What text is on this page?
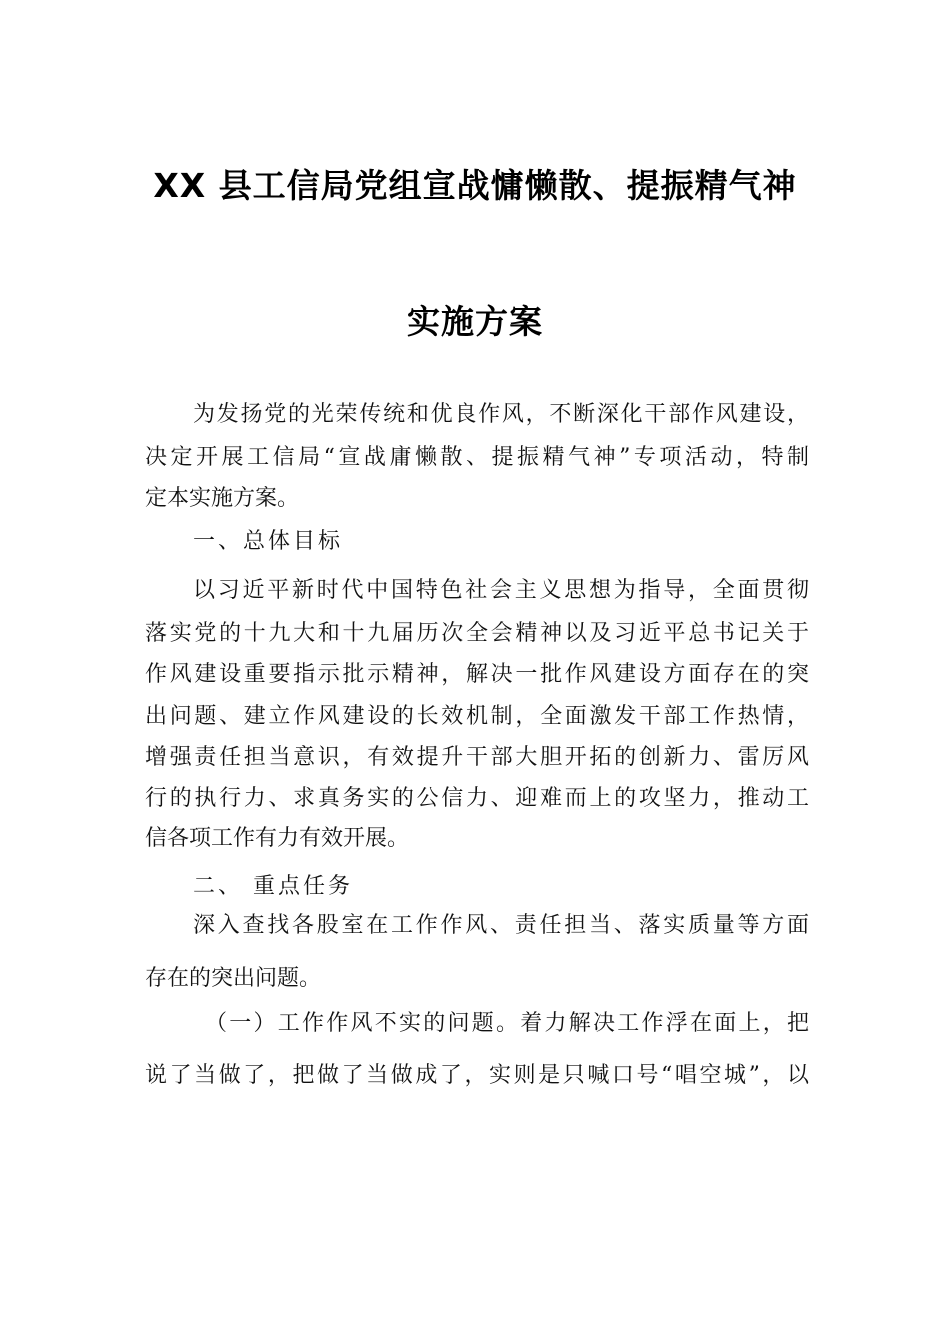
XX 县工信局党组宣战慵懒散、提振精气神
实施方案
为发扬党的光荣传统和优良作风，不断深化干部作风建设，
决定开展工信局“宣战庸懒散、提振精气神”专项活动，特制
定本实施方案。
一、总体目标
以习近平新时代中国特色社会主义思想为指导，全面贯彻
落实党的十九大和十九届历次全会精神以及习近平总书记关于
作风建设重要指示批示精神，解决一批作风建设方面存在的突
出问题、建立作风建设的长效机制，全面激发干部工作热情，
增强责任担当意识，有效提升干部大胆开拓的创新力、雷厉风
行的执行力、求真务实的公信力、迎难而上的攻坚力，推动工
信各项工作有力有效开展。
二、 重点任务
深入查找各股室在工作作风、责任担当、落实质量等方面
存在的突出问题。
（一）工作作风不实的问题。着力解决工作浮在面上，把
说了当做了，把做了当做成了，实则是只喊口号“唱空城”，以
